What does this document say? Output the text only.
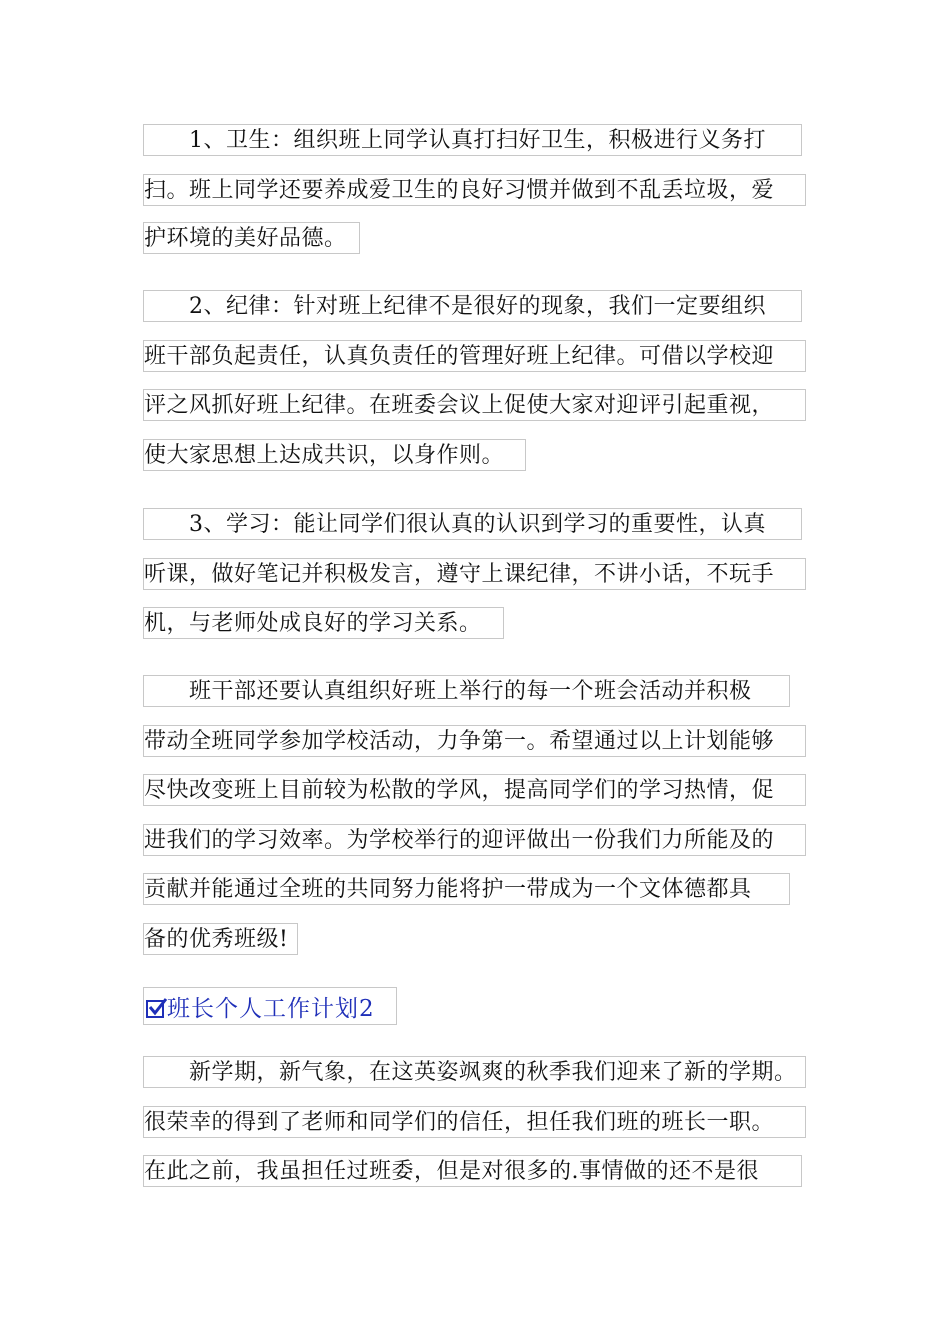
　　1、卫生：组织班上同学认真打扫好卫生，积极进行义务打
扫。班上同学还要养成爱卫生的良好习惯并做到不乱丢垃圾，爱
护环境的美好品德。
　　2、纪律：针对班上纪律不是很好的现象，我们一定要组织
班干部负起责任，认真负责任的管理好班上纪律。可借以学校迎
评之风抓好班上纪律。在班委会议上促使大家对迎评引起重视，
使大家思想上达成共识，以身作则。
　　3、学习：能让同学们很认真的认识到学习的重要性，认真
听课，做好笔记并积极发言，遵守上课纪律，不讲小话，不玩手
机，与老师处成良好的学习关系。
　　班干部还要认真组织好班上举行的每一个班会活动并积极
带动全班同学参加学校活动，力争第一。希望通过以上计划能够
尽快改变班上目前较为松散的学风，提高同学们的学习热情，促
进我们的学习效率。为学校举行的迎评做出一份我们力所能及的
贡献并能通过全班的共同努力能将护一带成为一个文体德都具
备的优秀班级!
班长个人工作计划2
　　新学期，新气象，在这英姿飒爽的秋季我们迎来了新的学期。
很荣幸的得到了老师和同学们的信任，担任我们班的班长一职。
在此之前，我虽担任过班委，但是对很多的.事情做的还不是很
